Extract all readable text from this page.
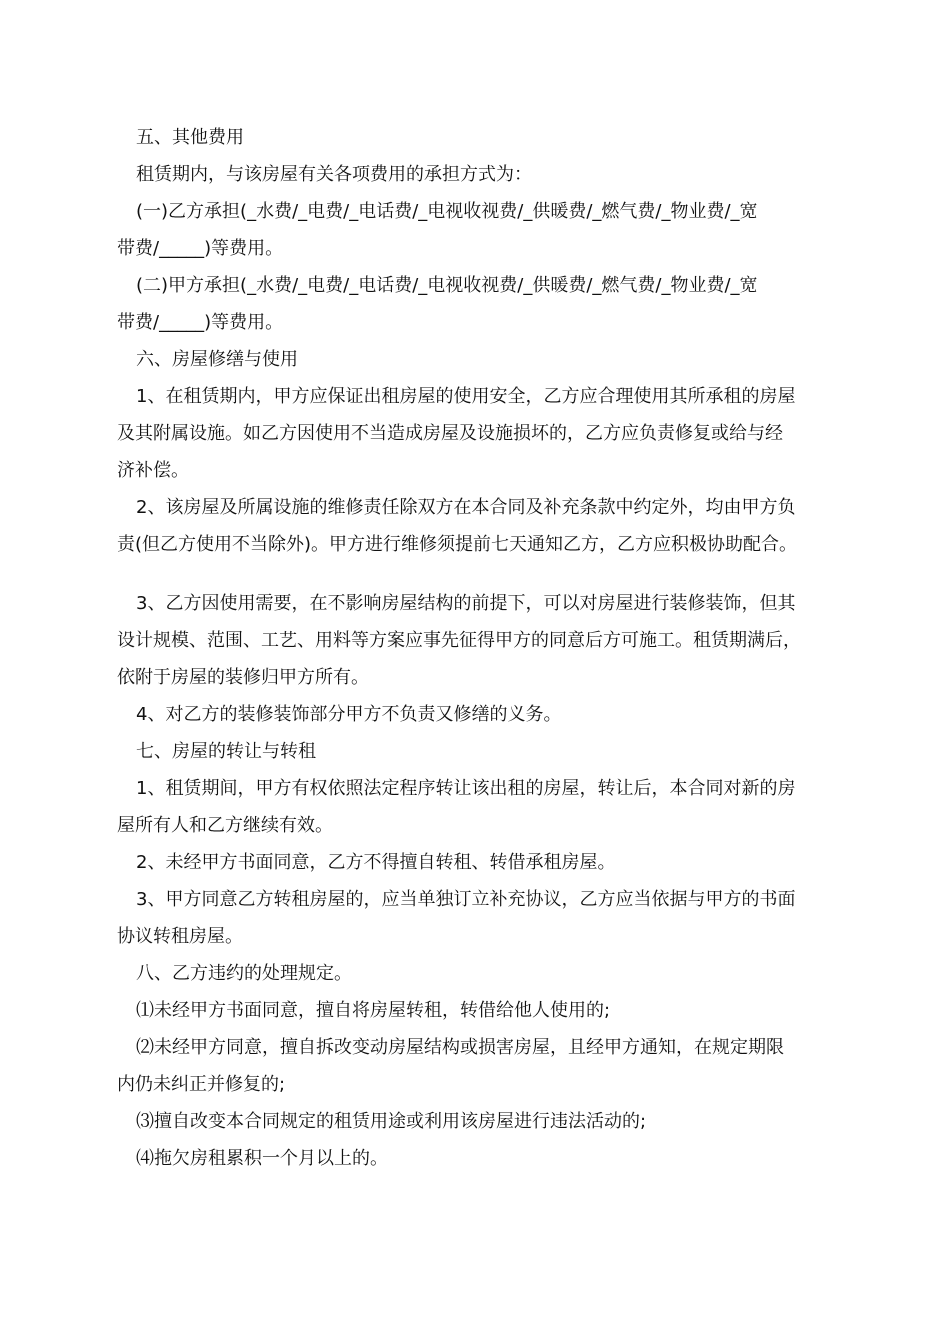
五、其他费用
租赁期内，与该房屋有关各项费用的承担方式为：
(一)乙方承担(_水费/_电费/_电话费/_电视收视费/_供暖费/_燃气费/_物业费/_宽
带费/_____)等费用。
(二)甲方承担(_水费/_电费/_电话费/_电视收视费/_供暖费/_燃气费/_物业费/_宽
带费/_____)等费用。
六、房屋修缮与使用
1、在租赁期内，甲方应保证出租房屋的使用安全，乙方应合理使用其所承租的房屋
及其附属设施。如乙方因使用不当造成房屋及设施损坏的，乙方应负责修复或给与经
济补偿。
2、该房屋及所属设施的维修责任除双方在本合同及补充条款中约定外，均由甲方负
责(但乙方使用不当除外)。甲方进行维修须提前七天通知乙方，乙方应积极协助配合。
3、乙方因使用需要，在不影响房屋结构的前提下，可以对房屋进行装修装饰，但其
设计规模、范围、工艺、用料等方案应事先征得甲方的同意后方可施工。租赁期满后，
依附于房屋的装修归甲方所有。
4、对乙方的装修装饰部分甲方不负责又修缮的义务。
七、房屋的转让与转租
1、租赁期间，甲方有权依照法定程序转让该出租的房屋，转让后，本合同对新的房
屋所有人和乙方继续有效。
2、未经甲方书面同意，乙方不得擅自转租、转借承租房屋。
3、甲方同意乙方转租房屋的，应当单独订立补充协议，乙方应当依据与甲方的书面
协议转租房屋。
八、乙方违约的处理规定。
⑴未经甲方书面同意，擅自将房屋转租，转借给他人使用的;
⑵未经甲方同意，擅自拆改变动房屋结构或损害房屋，且经甲方通知，在规定期限
内仍未纠正并修复的;
⑶擅自改变本合同规定的租赁用途或利用该房屋进行违法活动的;
⑷拖欠房租累积一个月以上的。
